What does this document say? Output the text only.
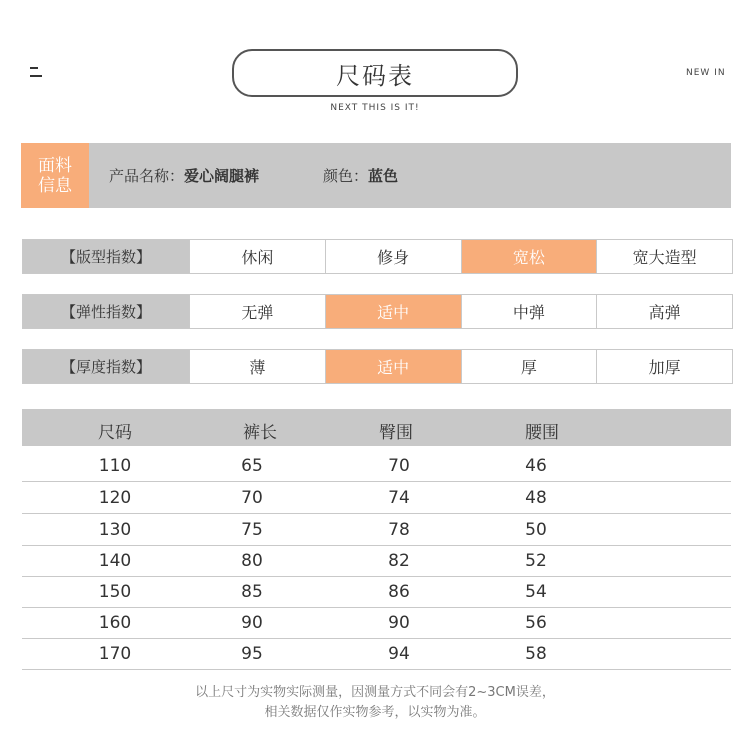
尺码表
NEXT THIS IS IT!
NEW IN
面料
信息 产品名称：爱心阔腿裤	颜色：蓝色
【版型指数】	休闲	修身	宽松	宽大造型
【弹性指数】	无弹	适中	中弹	高弹
【厚度指数】	薄	适中	厚	加厚
尺码	裤长	臀围	腰围
110	65	70	46
120	70	74	48
130	75	78	50
140	80	82	52
150	85	86	54
160	90	90	56
170	95	94	58
以上尺寸为实物实际测量，因测量方式不同会有2~3CM误差，
相关数据仅作实物参考，以实物为准。
